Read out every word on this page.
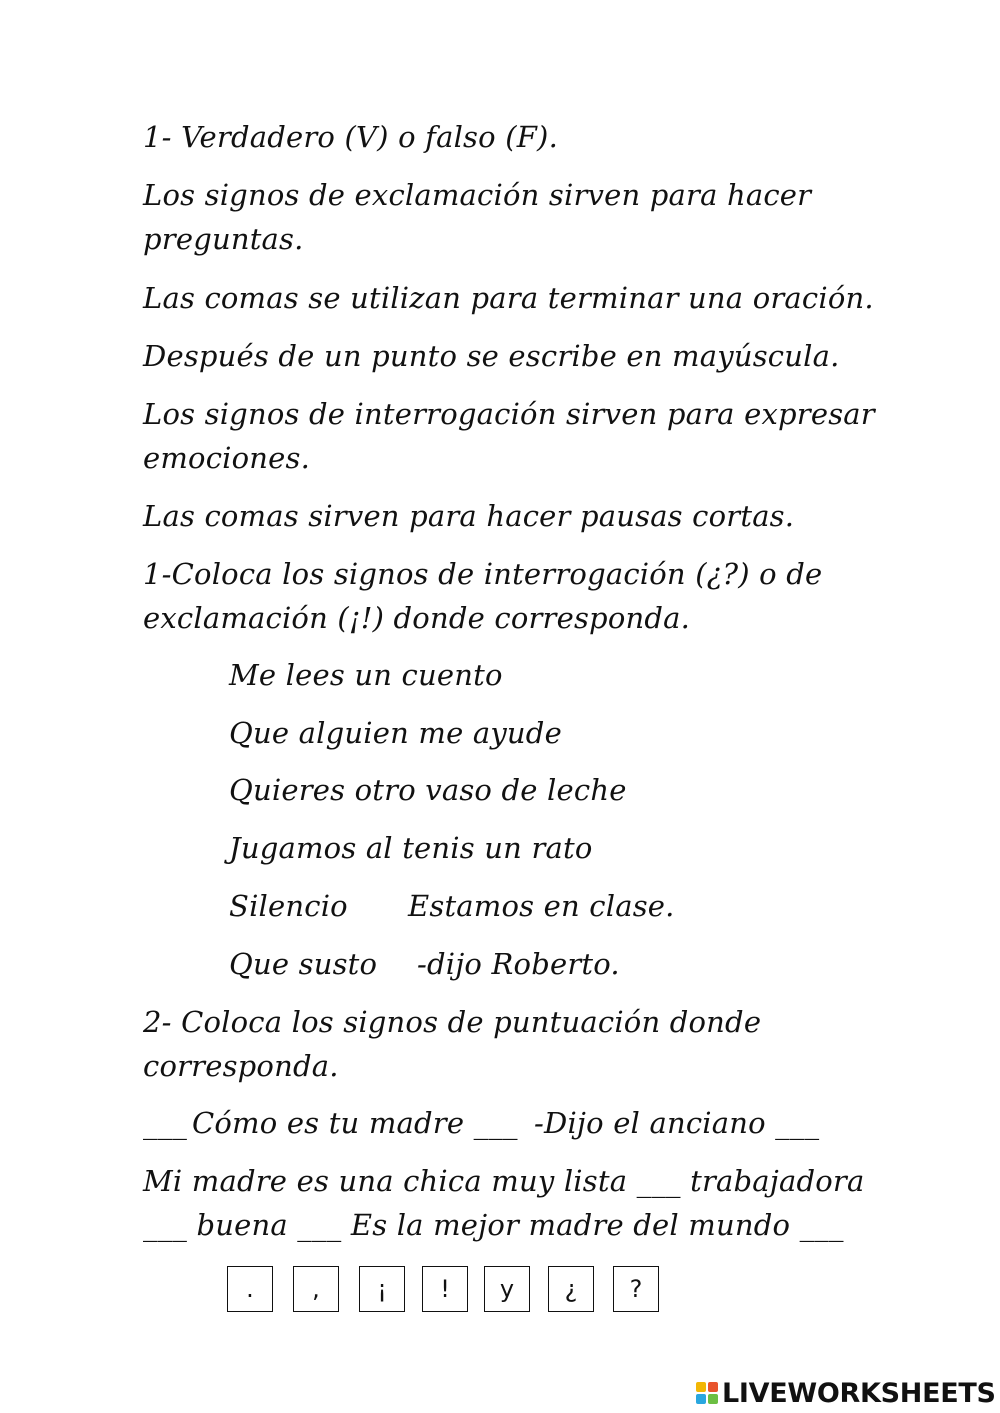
1- Verdadero (V) o falso (F).
Los signos de exclamación sirven para hacer
preguntas.
Las comas se utilizan para terminar una oración.
Después de un punto se escribe en mayúscula.
Los signos de interrogación sirven para expresar
emociones.
Las comas sirven para hacer pausas cortas.
1-Coloca los signos de interrogación (¿?) o de
exclamación (¡!) donde corresponda.
Me lees un cuento
Que alguien me ayude
Quieres otro vaso de leche
Jugamos al tenis un rato
Silencio Estamos en clase.
Que susto -dijo Roberto.
2- Coloca los signos de puntuación donde
corresponda.
___ Cómo es tu madre ___ -Dijo el anciano ___
Mi madre es una chica muy lista ___ trabajadora
___ buena ___ Es la mejor madre del mundo ___
.	,	¡	!	y	¿	?
LIVEWORKSHEETS
